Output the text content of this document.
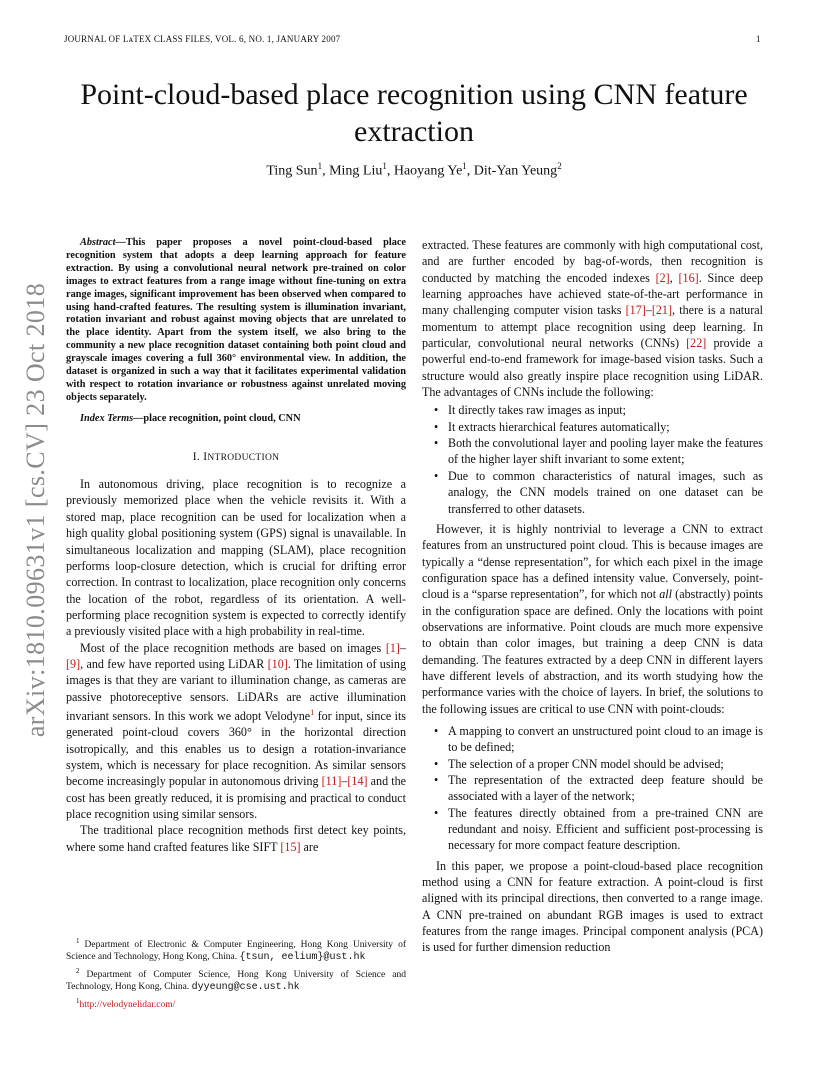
JOURNAL OF LᴀTEX CLASS FILES, VOL. 6, NO. 1, JANUARY 2007	1
arXiv:1810.09631v1 [cs.CV] 23 Oct 2018
Point-cloud-based place recognition using CNN feature extraction
Ting Sun$^1$, Ming Liu$^1$, Haoyang Ye$^1$, Dit-Yan Yeung$^2$

Abstract—This paper proposes a novel point-cloud-based place recognition system that adopts a deep learning approach for feature extraction. By using a convolutional neural network pre-trained on color images to extract features from a range image without fine-tuning on extra range images, significant improvement has been observed when compared to using hand-crafted features. The resulting system is illumination invariant, rotation invariant and robust against moving objects that are unrelated to the place identity. Apart from the system itself, we also bring to the community a new place recognition dataset containing both point cloud and grayscale images covering a full 360° environmental view. In addition, the dataset is organized in such a way that it facilitates experimental validation with respect to rotation invariance or robustness against unrelated moving objects separately.

Index Terms—place recognition, point cloud, CNN
I. INTRODUCTION

In autonomous driving, place recognition is to recognize a previously memorized place when the vehicle revisits it. With a stored map, place recognition can be used for localization when a high quality global positioning system (GPS) signal is unavailable. In simultaneous localization and mapping (SLAM), place recognition performs loop-closure detection, which is crucial for drifting error correction. In contrast to localization, place recognition only concerns the location of the robot, regardless of its orientation. A well-performing place recognition system is expected to correctly identify a previously visited place with a high probability in real-time.

Most of the place recognition methods are based on images [1]–[9], and few have reported using LiDAR [10]. The limitation of using images is that they are variant to illumination change, as cameras are passive photoreceptive sensors. LiDARs are active illumination invariant sensors. In this work we adopt Velodyne$^1$ for input, since its generated point-cloud covers 360° in the horizontal direction isotropically, and this enables us to design a rotation-invariance system, which is necessary for place recognition. As similar sensors become increasingly popular in autonomous driving [11]–[14] and the cost has been greatly reduced, it is promising and practical to conduct place recognition using similar sensors.

The traditional place recognition methods first detect key points, where some hand crafted features like SIFT [15] are

$^1$ Department of Electronic & Computer Engineering, Hong Kong University of Science and Technology, Hong Kong, China. {tsun, eelium}@ust.hk

$^2$ Department of Computer Science, Hong Kong University of Science and Technology, Hong Kong, China. dyyeung@cse.ust.hk

$^1$http://velodynelidar.com/

extracted. These features are commonly with high computational cost, and are further encoded by bag-of-words, then recognition is conducted by matching the encoded indexes [2], [16]. Since deep learning approaches have achieved state-of-the-art performance in many challenging computer vision tasks [17]–[21], there is a natural momentum to attempt place recognition using deep learning. In particular, convolutional neural networks (CNNs) [22] provide a powerful end-to-end framework for image-based vision tasks. Such a structure would also greatly inspire place recognition using LiDAR. The advantages of CNNs include the following:

• It directly takes raw images as input;
• It extracts hierarchical features automatically;
• Both the convolutional layer and pooling layer make the features of the higher layer shift invariant to some extent;
• Due to common characteristics of natural images, such as analogy, the CNN models trained on one dataset can be transferred to other datasets.

However, it is highly nontrivial to leverage a CNN to extract features from an unstructured point cloud. This is because images are typically a “dense representation”, for which each pixel in the image configuration space has a defined intensity value. Conversely, point-cloud is a “sparse representation”, for which not all (abstractly) points in the configuration space are defined. Only the locations with point observations are informative. Point clouds are much more expensive to obtain than color images, but training a deep CNN is data demanding. The features extracted by a deep CNN in different layers have different levels of abstraction, and its worth studying how the performance varies with the choice of layers. In brief, the solutions to the following issues are critical to use CNN with point-clouds:

• A mapping to convert an unstructured point cloud to an image is to be defined;
• The selection of a proper CNN model should be advised;
• The representation of the extracted deep feature should be associated with a layer of the network;
• The features directly obtained from a pre-trained CNN are redundant and noisy. Efficient and sufficient post-processing is necessary for more compact feature description.

In this paper, we propose a point-cloud-based place recognition method using a CNN for feature extraction. A point-cloud is first aligned with its principal directions, then converted to a range image. A CNN pre-trained on abundant RGB images is used to extract features from the range images. Principal component analysis (PCA) is used for further dimension reduction
